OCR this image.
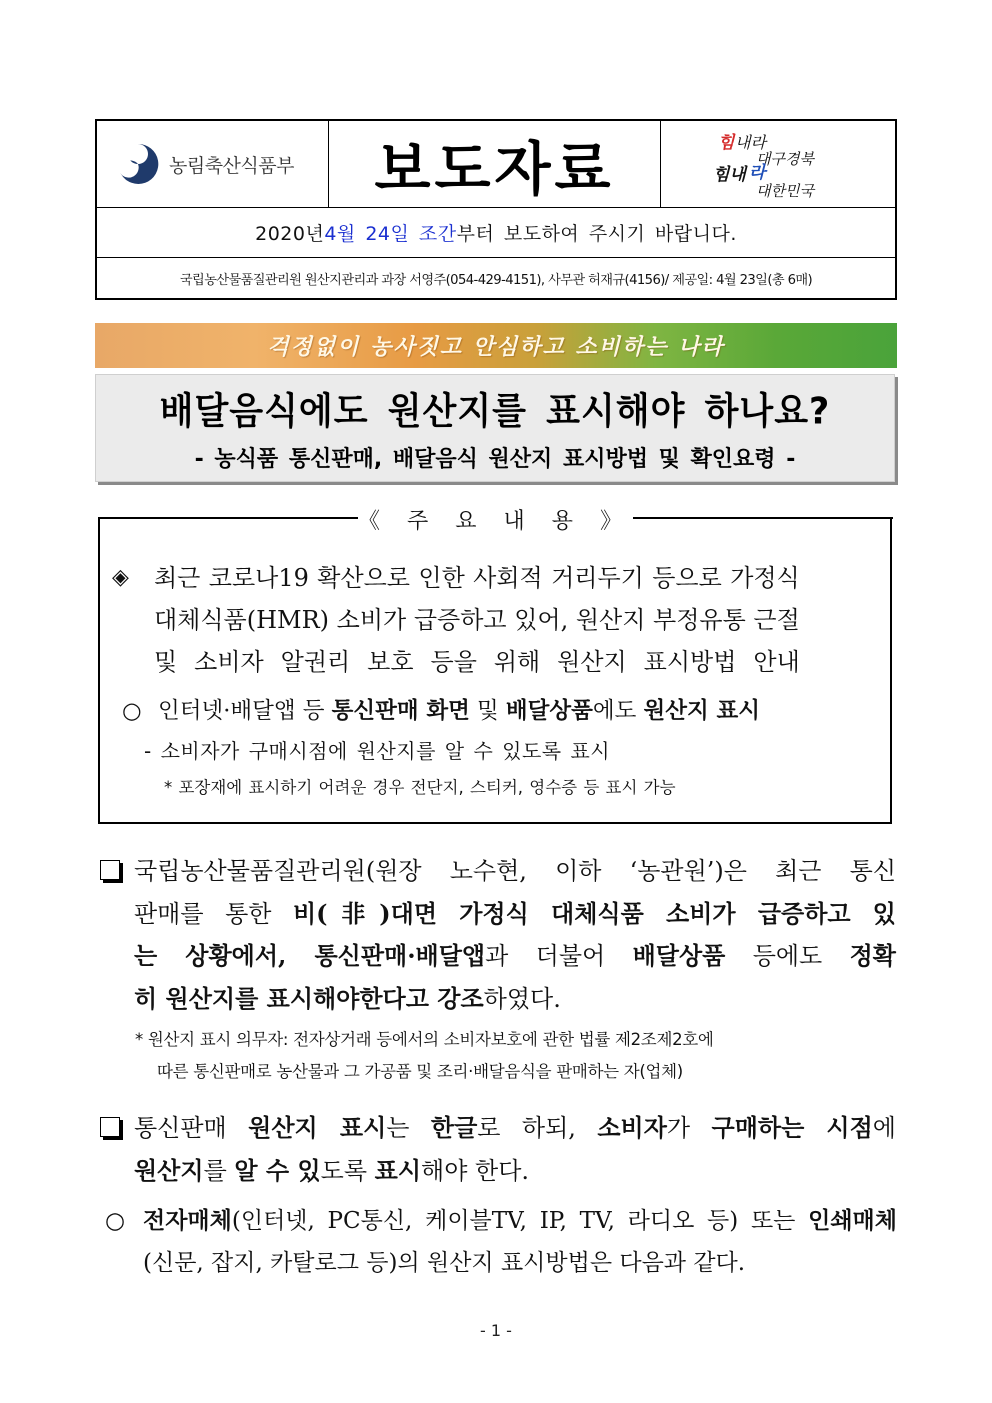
농림축산식품부	보도자료	힘 내라
대구경북
힘내 라
대한민국
2020년 4월 24일 조간 부터 보도하여 주시기 바랍니다.
국립농산물품질관리원 원산지관리과 과장 서영주(054-429-4151), 사무관 허재규(4156)/ 제공일: 4월 23일(총 6매)
걱정없이 농사짓고 안심하고 소비하는 나라
배달음식에도 원산지를 표시해야 하나요?
- 농식품 통신판매, 배달음식 원산지 표시방법 및 확인요령 -
《 주 요 내 용 》
◈	최근 코로나19 확산으로 인한 사회적 거리두기 등으로 가정식
대체식품(HMR) 소비가 급증하고 있어, 원산지 부정유통 근절
및 소비자 알권리 보호 등을 위해 원산지 표시방법 안내
○ 인터넷·배달앱 등 통신판매 화면 및 배달상품에도 원산지 표시
- 소비자가 구매시점에 원산지를 알 수 있도록 표시
* 포장재에 표시하기 어려운 경우 전단지, 스티커, 영수증 등 표시 가능
국립농산물품질관리원(원장 노수현, 이하 ‘농관원’)은 최근 통신
판매를 통한 비(非)대면 가정식 대체식품 소비가 급증하고 있
는 상황에서, 통신판매·배달앱과 더불어 배달상품 등에도 정확
히 원산지를 표시해야한다고 강조하였다.
* 원산지 표시 의무자: 전자상거래 등에서의 소비자보호에 관한 법률 제2조제2호에
따른 통신판매로 농산물과 그 가공품 및 조리·배달음식을 판매하는 자(업체)
통신판매 원산지 표시는 한글로 하되, 소비자가 구매하는 시점에
원산지를 알 수 있도록 표시해야 한다.
○ 전자매체(인터넷, PC통신, 케이블TV, IP, TV, 라디오 등) 또는 인쇄매체
(신문, 잡지, 카탈로그 등)의 원산지 표시방법은 다음과 같다.
- 1 -
